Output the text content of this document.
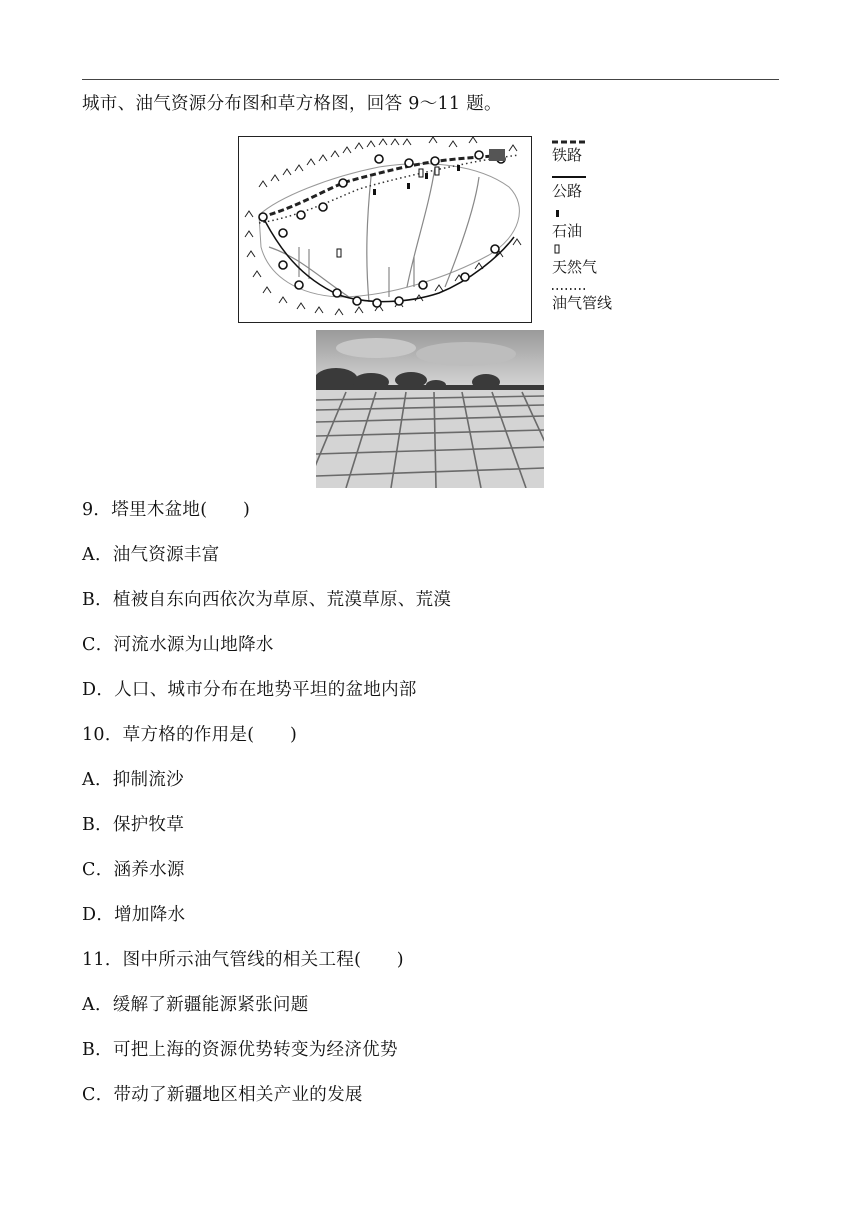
城市、油气资源分布图和草方格图，回答 9～11 题。
铁路
公路
石油
天然气
油气管线
9．塔里木盆地(　　)
A．油气资源丰富
B．植被自东向西依次为草原、荒漠草原、荒漠
C．河流水源为山地降水
D．人口、城市分布在地势平坦的盆地内部
10．草方格的作用是(　　)
A．抑制流沙
B．保护牧草
C．涵养水源
D．增加降水
11．图中所示油气管线的相关工程(　　)
A．缓解了新疆能源紧张问题
B．可把上海的资源优势转变为经济优势
C．带动了新疆地区相关产业的发展
